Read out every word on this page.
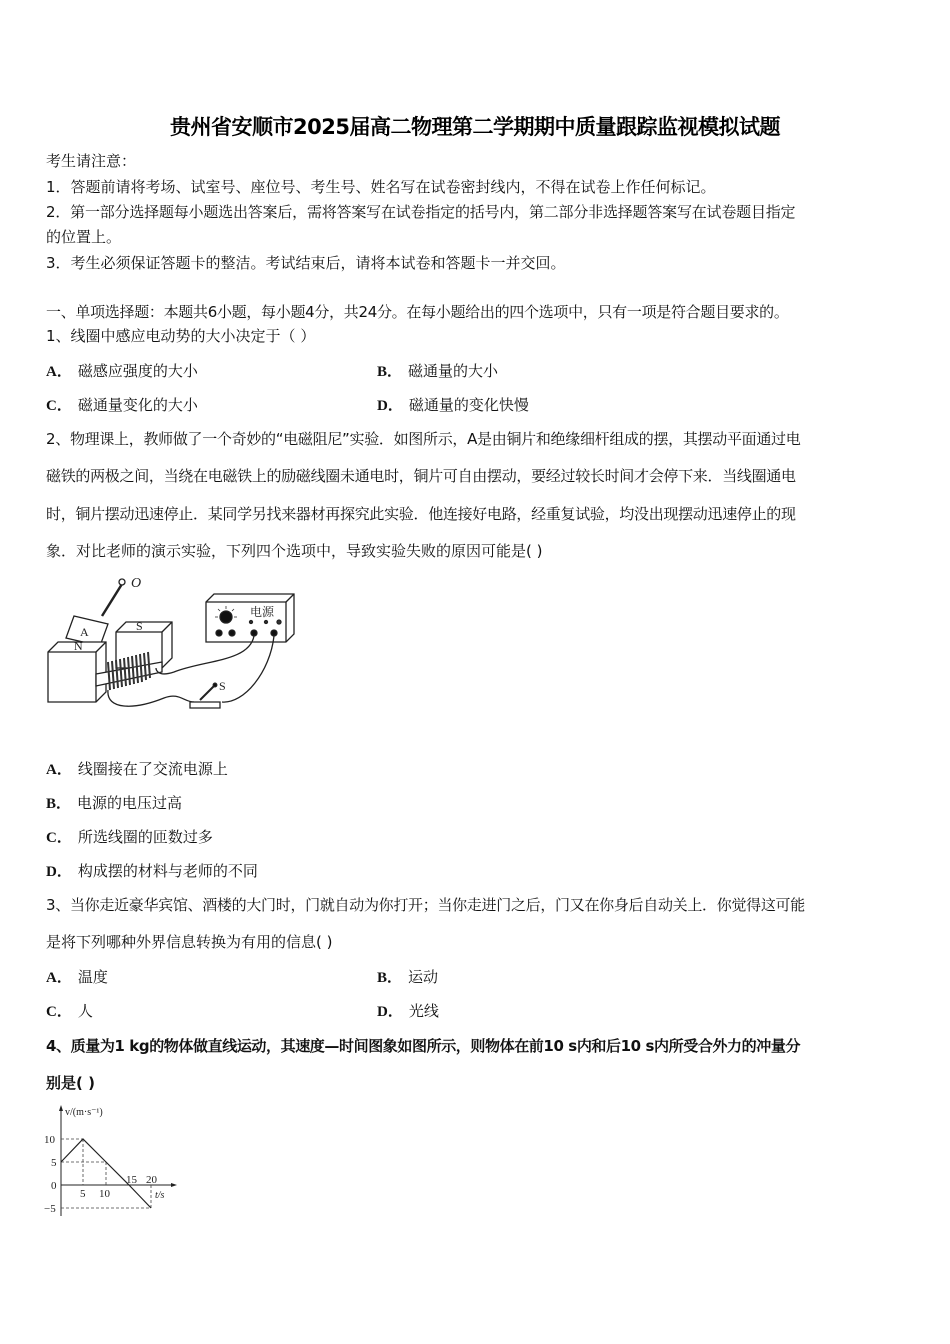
贵州省安顺市2025届高二物理第二学期期中质量跟踪监视模拟试题
考生请注意：
1．答题前请将考场、试室号、座位号、考生号、姓名写在试卷密封线内，不得在试卷上作任何标记。
2．第一部分选择题每小题选出答案后，需将答案写在试卷指定的括号内，第二部分非选择题答案写在试卷题目指定
的位置上。
3．考生必须保证答题卡的整洁。考试结束后，请将本试卷和答题卡一并交回。
一、单项选择题：本题共6小题，每小题4分，共24分。在每小题给出的四个选项中，只有一项是符合题目要求的。
1、线圈中感应电动势的大小决定于（ ）
A． 磁感应强度的大小	B． 磁通量的大小
C． 磁通量变化的大小	D． 磁通量的变化快慢
2、物理课上，教师做了一个奇妙的“电磁阻尼”实验．如图所示，A是由铜片和绝缘细杆组成的摆，其摆动平面通过电
磁铁的两极之间，当绕在电磁铁上的励磁线圈未通电时，铜片可自由摆动，要经过较长时间才会停下来．当线圈通电
时，铜片摆动迅速停止．某同学另找来器材再探究此实验．他连接好电路，经重复试验，均没出现摆动迅速停止的现
象．对比老师的演示实验，下列四个选项中，导致实验失败的原因可能是( )
O
A	S
N
电源
S
A． 线圈接在了交流电源上
B． 电源的电压过高
C． 所选线圈的匝数过多
D． 构成摆的材料与老师的不同
3、当你走近豪华宾馆、酒楼的大门时，门就自动为你打开；当你走进门之后，门又在你身后自动关上．你觉得这可能
是将下列哪种外界信息转换为有用的信息( )
A． 温度	B． 运动
C． 人	D． 光线
4、质量为1 kg的物体做直线运动，其速度—时间图象如图所示，则物体在前10 s内和后10 s内所受合外力的冲量分
别是( )
v/(m·s⁻¹)
t/s
10
5
0
−5
5 10
15 20
